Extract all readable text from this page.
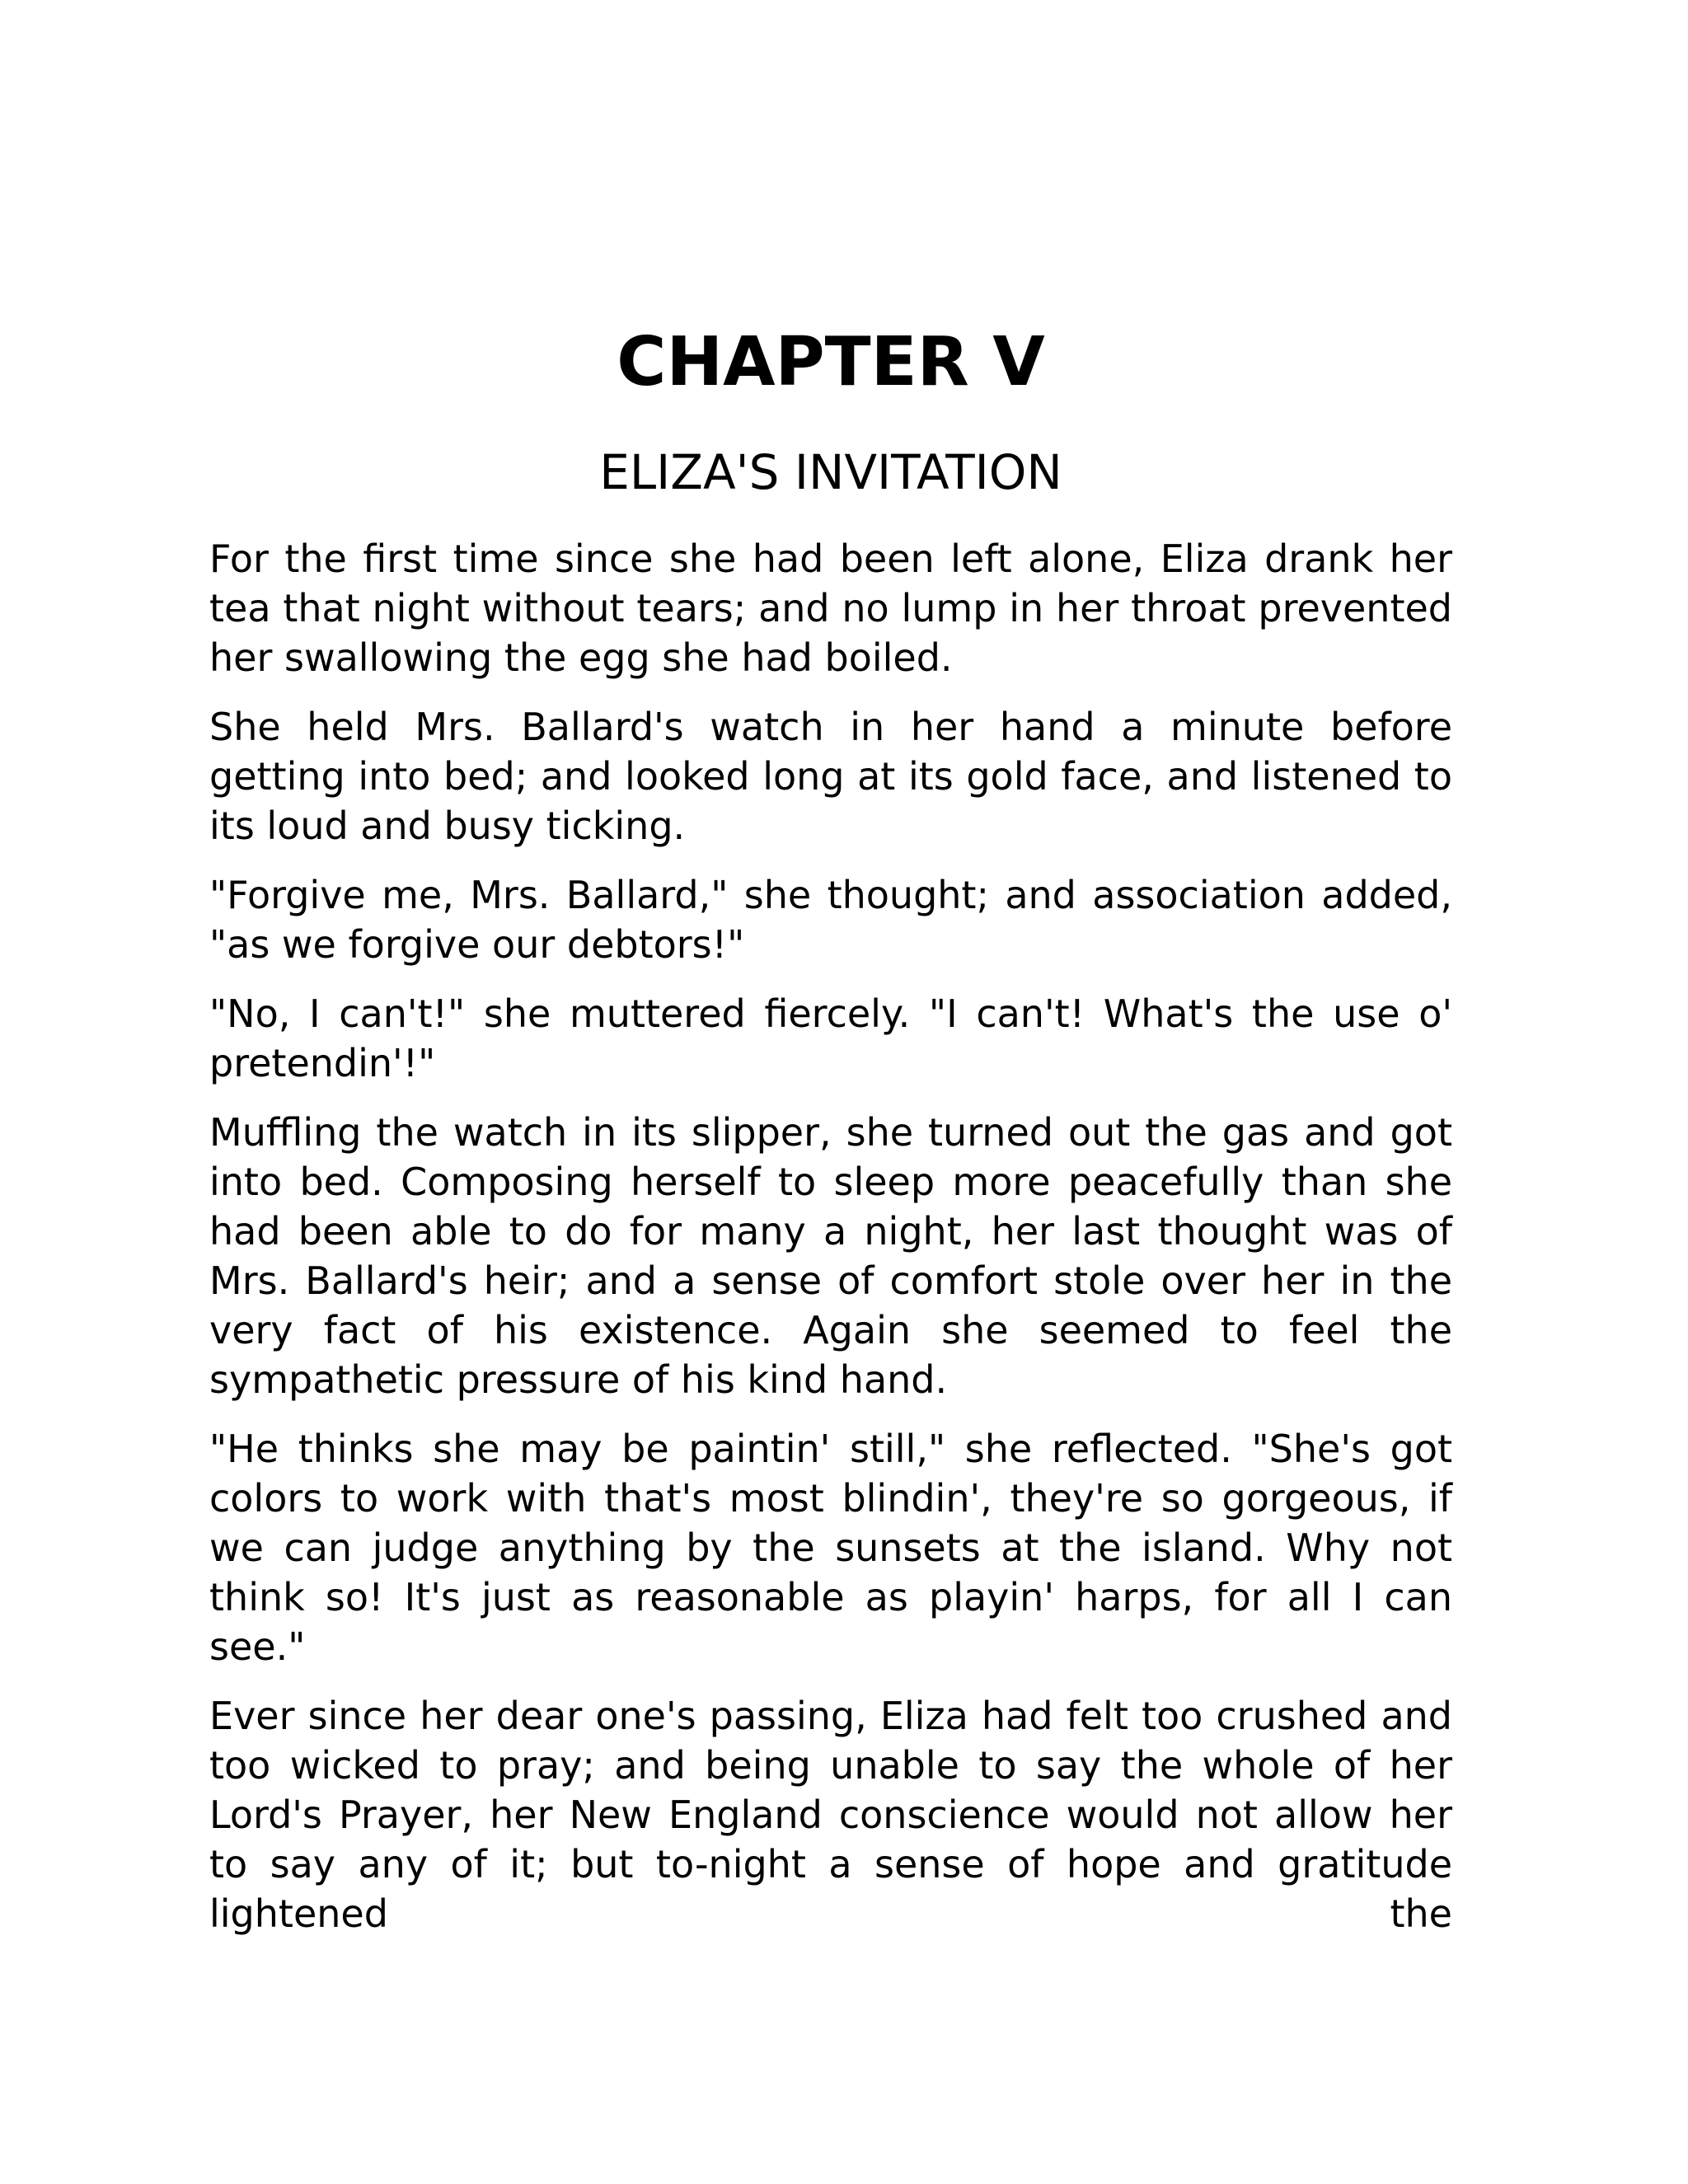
CHAPTER V
ELIZA'S INVITATION

For the first time since she had been left alone, Eliza drank her tea that night without tears; and no lump in her throat prevented her swallowing the egg she had boiled.

She held Mrs. Ballard's watch in her hand a minute before getting into bed; and looked long at its gold face, and listened to its loud and busy ticking.

"Forgive me, Mrs. Ballard," she thought; and association added, "as we forgive our debtors!"

"No, I can't!" she muttered fiercely. "I can't! What's the use o' pretendin'!"

Muffling the watch in its slipper, she turned out the gas and got into bed. Composing herself to sleep more peacefully than she had been able to do for many a night, her last thought was of Mrs. Ballard's heir; and a sense of comfort stole over her in the very fact of his existence. Again she seemed to feel the sympathetic pressure of his kind hand.

"He thinks she may be paintin' still," she reflected. "She's got colors to work with that's most blindin', they're so gorgeous, if we can judge anything by the sunsets at the island. Why not think so! It's just as reasonable as playin' harps, for all I can see."

Ever since her dear one's passing, Eliza had felt too crushed and too wicked to pray; and being unable to say the whole of her Lord's Prayer, her New England conscience would not allow her to say any of it; but to-night a sense of hope and gratitude lightened the
